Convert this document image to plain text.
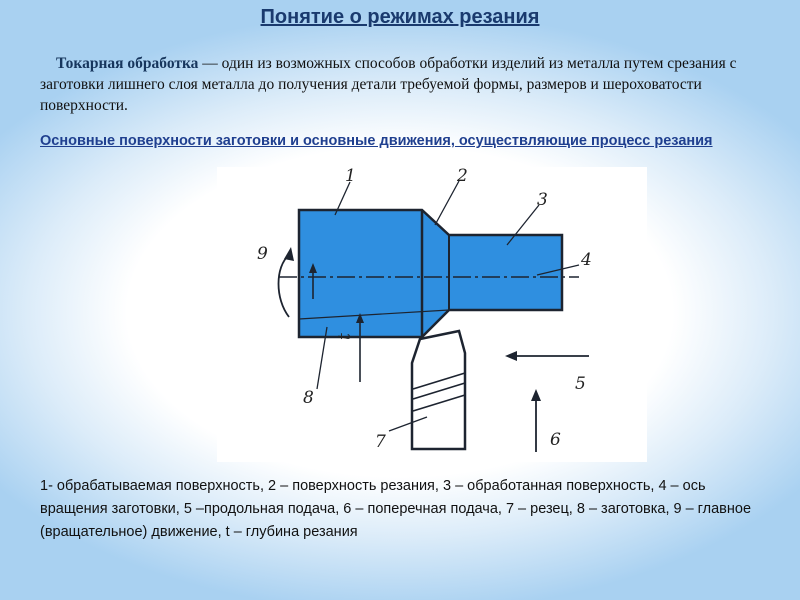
Понятие о режимах резания

Токарная обработка — один из возможных способов обработки изделий из металла путем срезания с заготовки лишнего слоя металла до получения детали требуемой формы, размеров и шероховатости поверхности.

Основные поверхности заготовки и основные движения, осуществляющие процесс резания

1	2
3
4
5
6
7
8
9
t

1- обрабатываемая поверхность, 2 – поверхность резания, 3 – обработанная поверхность, 4 – ось вращения заготовки, 5 –продольная подача, 6 – поперечная подача, 7 – резец, 8 – заготовка, 9 – главное (вращательное) движение, t – глубина резания
